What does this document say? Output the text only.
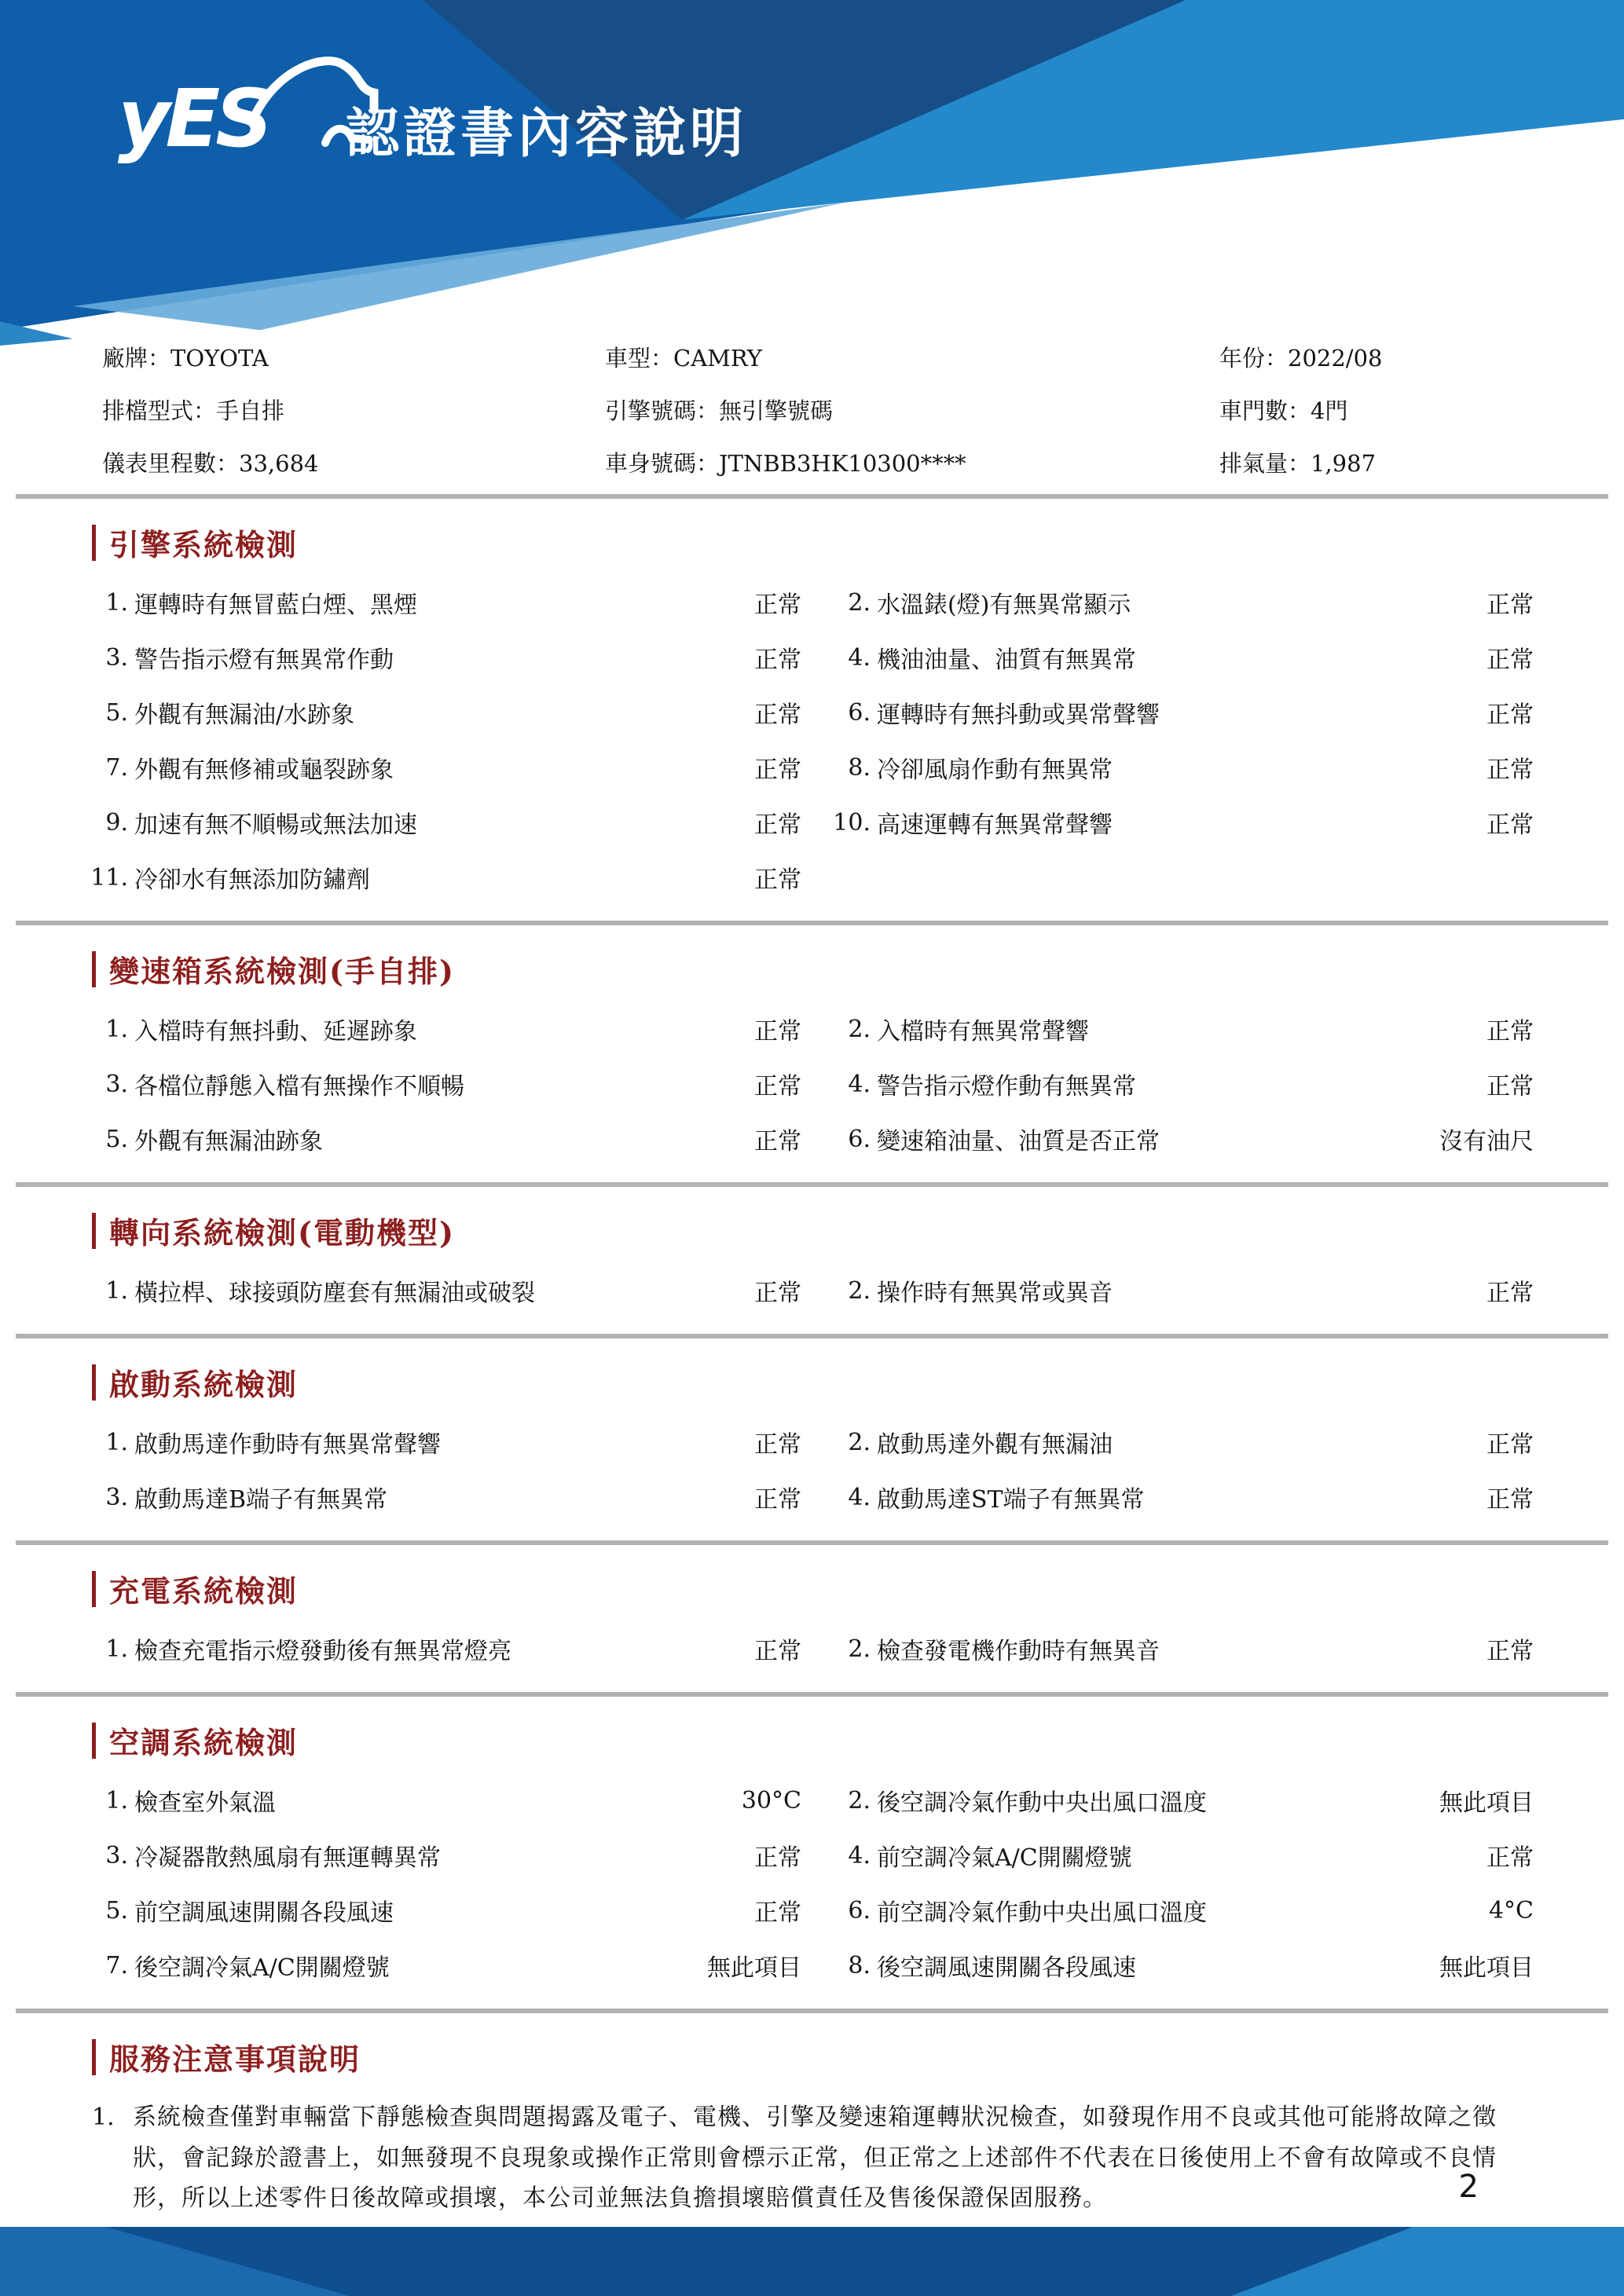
yES 認證書內容說明
廠牌：TOYOTA	車型：CAMRY	年份：2022/08
排檔型式：手自排	引擎號碼：無引擎號碼	車門數：4門
儀表里程數：33,684	車身號碼：JTNBB3HK10300****	排氣量：1,987
引擎系統檢測
1. 運轉時有無冒藍白煙、黑煙	正常	2. 水溫錶(燈)有無異常顯示	正常
3. 警告指示燈有無異常作動	正常	4. 機油油量、油質有無異常	正常
5. 外觀有無漏油/水跡象	正常	6. 運轉時有無抖動或異常聲響	正常
7. 外觀有無修補或龜裂跡象	正常	8. 冷卻風扇作動有無異常	正常
9. 加速有無不順暢或無法加速	正常 10. 高速運轉有無異常聲響	正常
11. 冷卻水有無添加防鏽劑	正常
變速箱系統檢測(手自排)
1. 入檔時有無抖動、延遲跡象	正常	2. 入檔時有無異常聲響	正常
3. 各檔位靜態入檔有無操作不順暢	正常	4. 警告指示燈作動有無異常	正常
5. 外觀有無漏油跡象	正常	6. 變速箱油量、油質是否正常	沒有油尺
轉向系統檢測(電動機型)
1. 橫拉桿、球接頭防塵套有無漏油或破裂	正常	2. 操作時有無異常或異音	正常
啟動系統檢測
1. 啟動馬達作動時有無異常聲響	正常	2. 啟動馬達外觀有無漏油	正常
3. 啟動馬達B端子有無異常	正常	4. 啟動馬達ST端子有無異常	正常
充電系統檢測
1. 檢查充電指示燈發動後有無異常燈亮	正常	2. 檢查發電機作動時有無異音	正常
空調系統檢測
1. 檢查室外氣溫	30°C	2. 後空調冷氣作動中央出風口溫度	無此項目
3. 冷凝器散熱風扇有無運轉異常	正常	4. 前空調冷氣A/C開關燈號	正常
5. 前空調風速開關各段風速	正常	6. 前空調冷氣作動中央出風口溫度	4°C
7. 後空調冷氣A/C開關燈號	無此項目	8. 後空調風速開關各段風速	無此項目
服務注意事項說明
1. 系統檢查僅對車輛當下靜態檢查與問題揭露及電子、電機、引擎及變速箱運轉狀況檢查，如發現作用不良或其他可能將故障之徵狀，會記錄於證書上，如無發現不良現象或操作正常則會標示正常，但正常之上述部件不代表在日後使用上不會有故障或不良情形，所以上述零件日後故障或損壞，本公司並無法負擔損壞賠償責任及售後保證保固服務。	2
